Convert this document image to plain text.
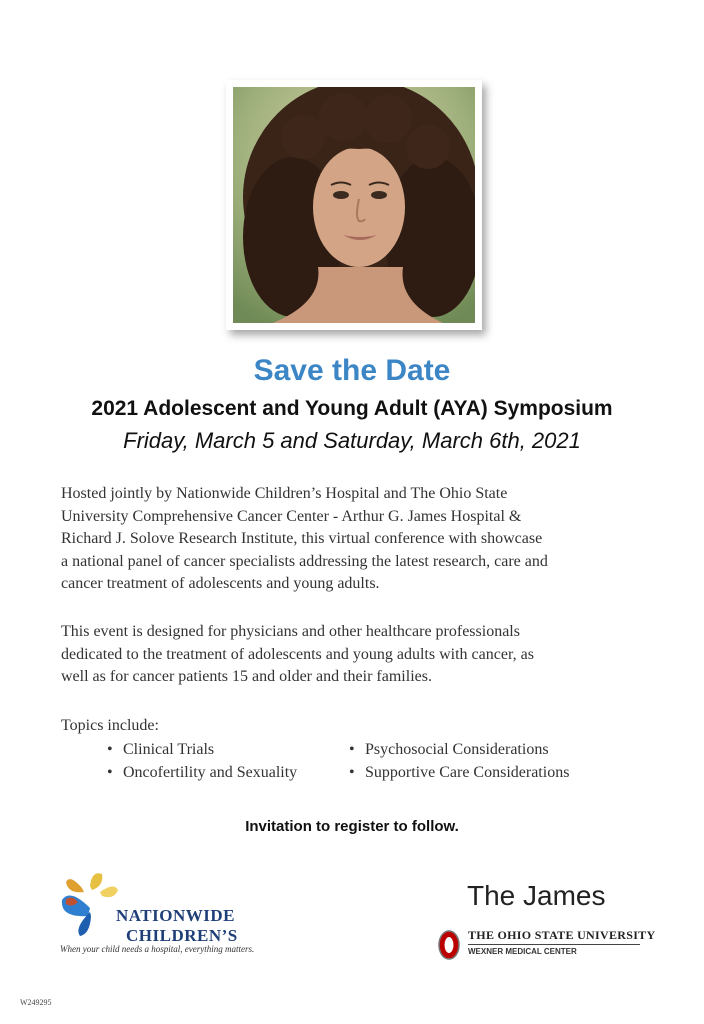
Save the Date
2021 Adolescent and Young Adult (AYA) Symposium
Friday, March 5 and Saturday, March 6th, 2021
Hosted jointly by Nationwide Children’s Hospital and The Ohio State
University Comprehensive Cancer Center - Arthur G. James Hospital &
Richard J. Solove Research Institute, this virtual conference with showcase
a national panel of cancer specialists addressing the latest research, care and
cancer treatment of adolescents and young adults.
This event is designed for physicians and other healthcare professionals
dedicated to the treatment of adolescents and young adults with cancer, as
well as for cancer patients 15 and older and their families.
Topics include:
• Clinical Trials	• Psychosocial Considerations
• Oncofertility and Sexuality	• Supportive Care Considerations
Invitation to register to follow.
NATIONWIDE
CHILDREN’S
When your child needs a hospital, everything matters.
The James
THE OHIO STATE UNIVERSITY
WEXNER MEDICAL CENTER
W249295
